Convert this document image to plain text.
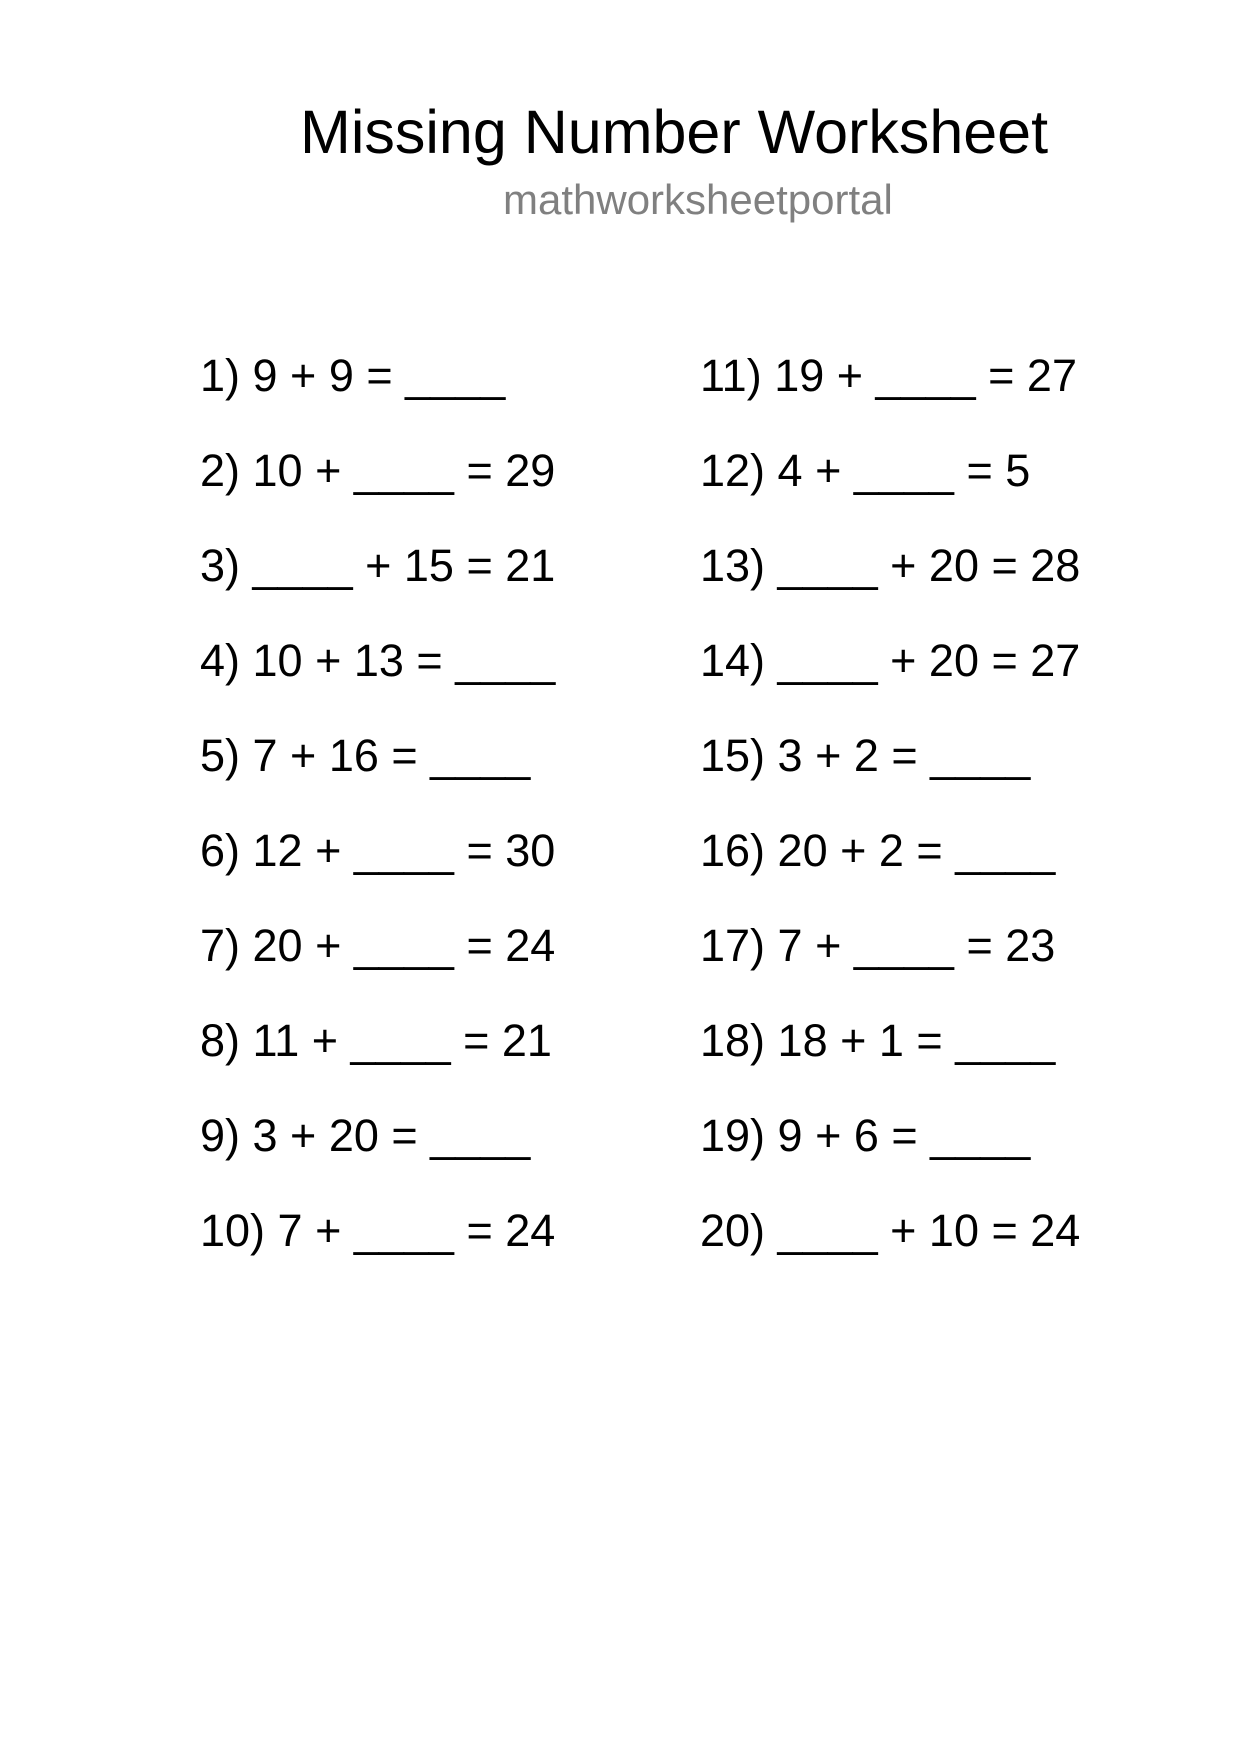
Missing Number Worksheet
mathworksheetportal
1) 9 + 9 = ____
2) 10 + ____ = 29
3) ____ + 15 = 21
4) 10 + 13 = ____
5) 7 + 16 = ____
6) 12 + ____ = 30
7) 20 + ____ = 24
8) 11 + ____ = 21
9) 3 + 20 = ____
10) 7 + ____ = 24
11) 19 + ____ = 27
12) 4 + ____ = 5
13) ____ + 20 = 28
14) ____ + 20 = 27
15) 3 + 2 = ____
16) 20 + 2 = ____
17) 7 + ____ = 23
18) 18 + 1 = ____
19) 9 + 6 = ____
20) ____ + 10 = 24
